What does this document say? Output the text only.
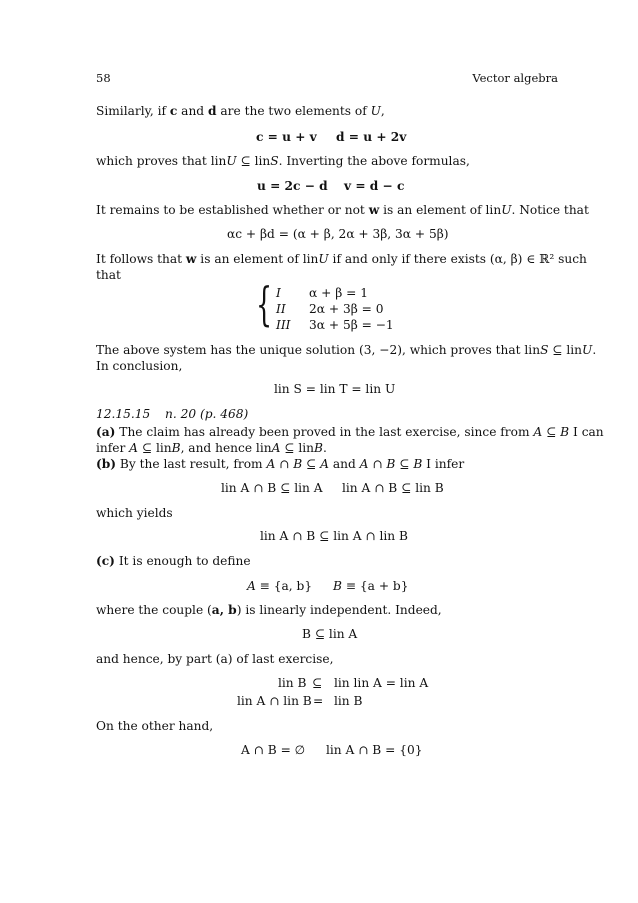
58	Vector algebra
Similarly, if c and d are the two elements of U,
c = u + v d = u + 2v
which proves that linU ⊆ linS. Inverting the above formulas,
u = 2c − d v = d − c
It remains to be established whether or not w is an element of linU. Notice that
αc + βd = (α + β, 2α + 3β, 3α + 5β)
It follows that w is an element of linU if and only if there exists (α, β) ∈ ℝ² such
that
{ I α + β = 1
II 2α + 3β = 0
III 3α + 5β = −1
The above system has the unique solution (3, −2), which proves that linS ⊆ linU.
In conclusion,
lin S = lin T = lin U
12.15.15 n. 20 (p. 468)
(a) The claim has already been proved in the last exercise, since from A ⊆ B I can
infer A ⊆ linB, and hence linA ⊆ linB.
(b) By the last result, from A ∩ B ⊆ A and A ∩ B ⊆ B I infer
lin A ∩ B ⊆ lin A lin A ∩ B ⊆ lin B
which yields
lin A ∩ B ⊆ lin A ∩ lin B
(c) It is enough to define
A ≡ {a, b} B ≡ {a + b}
where the couple (a, b) is linearly independent. Indeed,
B ⊆ lin A
and hence, by part (a) of last exercise,
lin B ⊆ lin lin A = lin A
lin A ∩ lin B = lin B
On the other hand,
A ∩ B = ∅ lin A ∩ B = {0}
